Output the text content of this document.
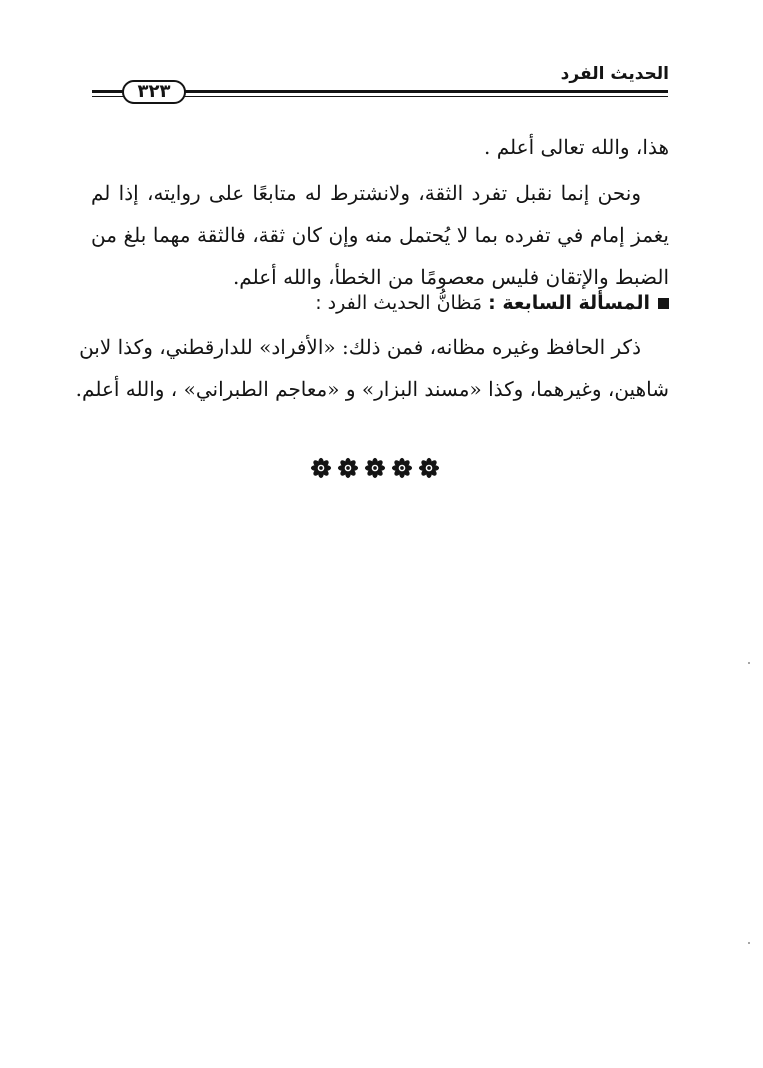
الحديث الفرد
٣٢٣
هذا، والله تعالى أعلم .
ونحن إنما نقبل تفرد الثقة، ولانشترط له متابعًا على روايته، إذا لم
يغمز إمام في تفرده بما لا يُحتمل منه وإن كان ثقة، فالثقة مهما بلغ من
الضبط والإتقان فليس معصومًا من الخطأ، والله أعلم.
المسألة السابعة : مَظانُّ الحديث الفرد :
ذكر الحافظ وغيره مظانه، فمن ذلك: «الأفراد» للدارقطني، وكذا لابن
شاهين، وغيرهما، وكذا «مسند البزار» و «معاجم الطبراني» ، والله أعلم.
